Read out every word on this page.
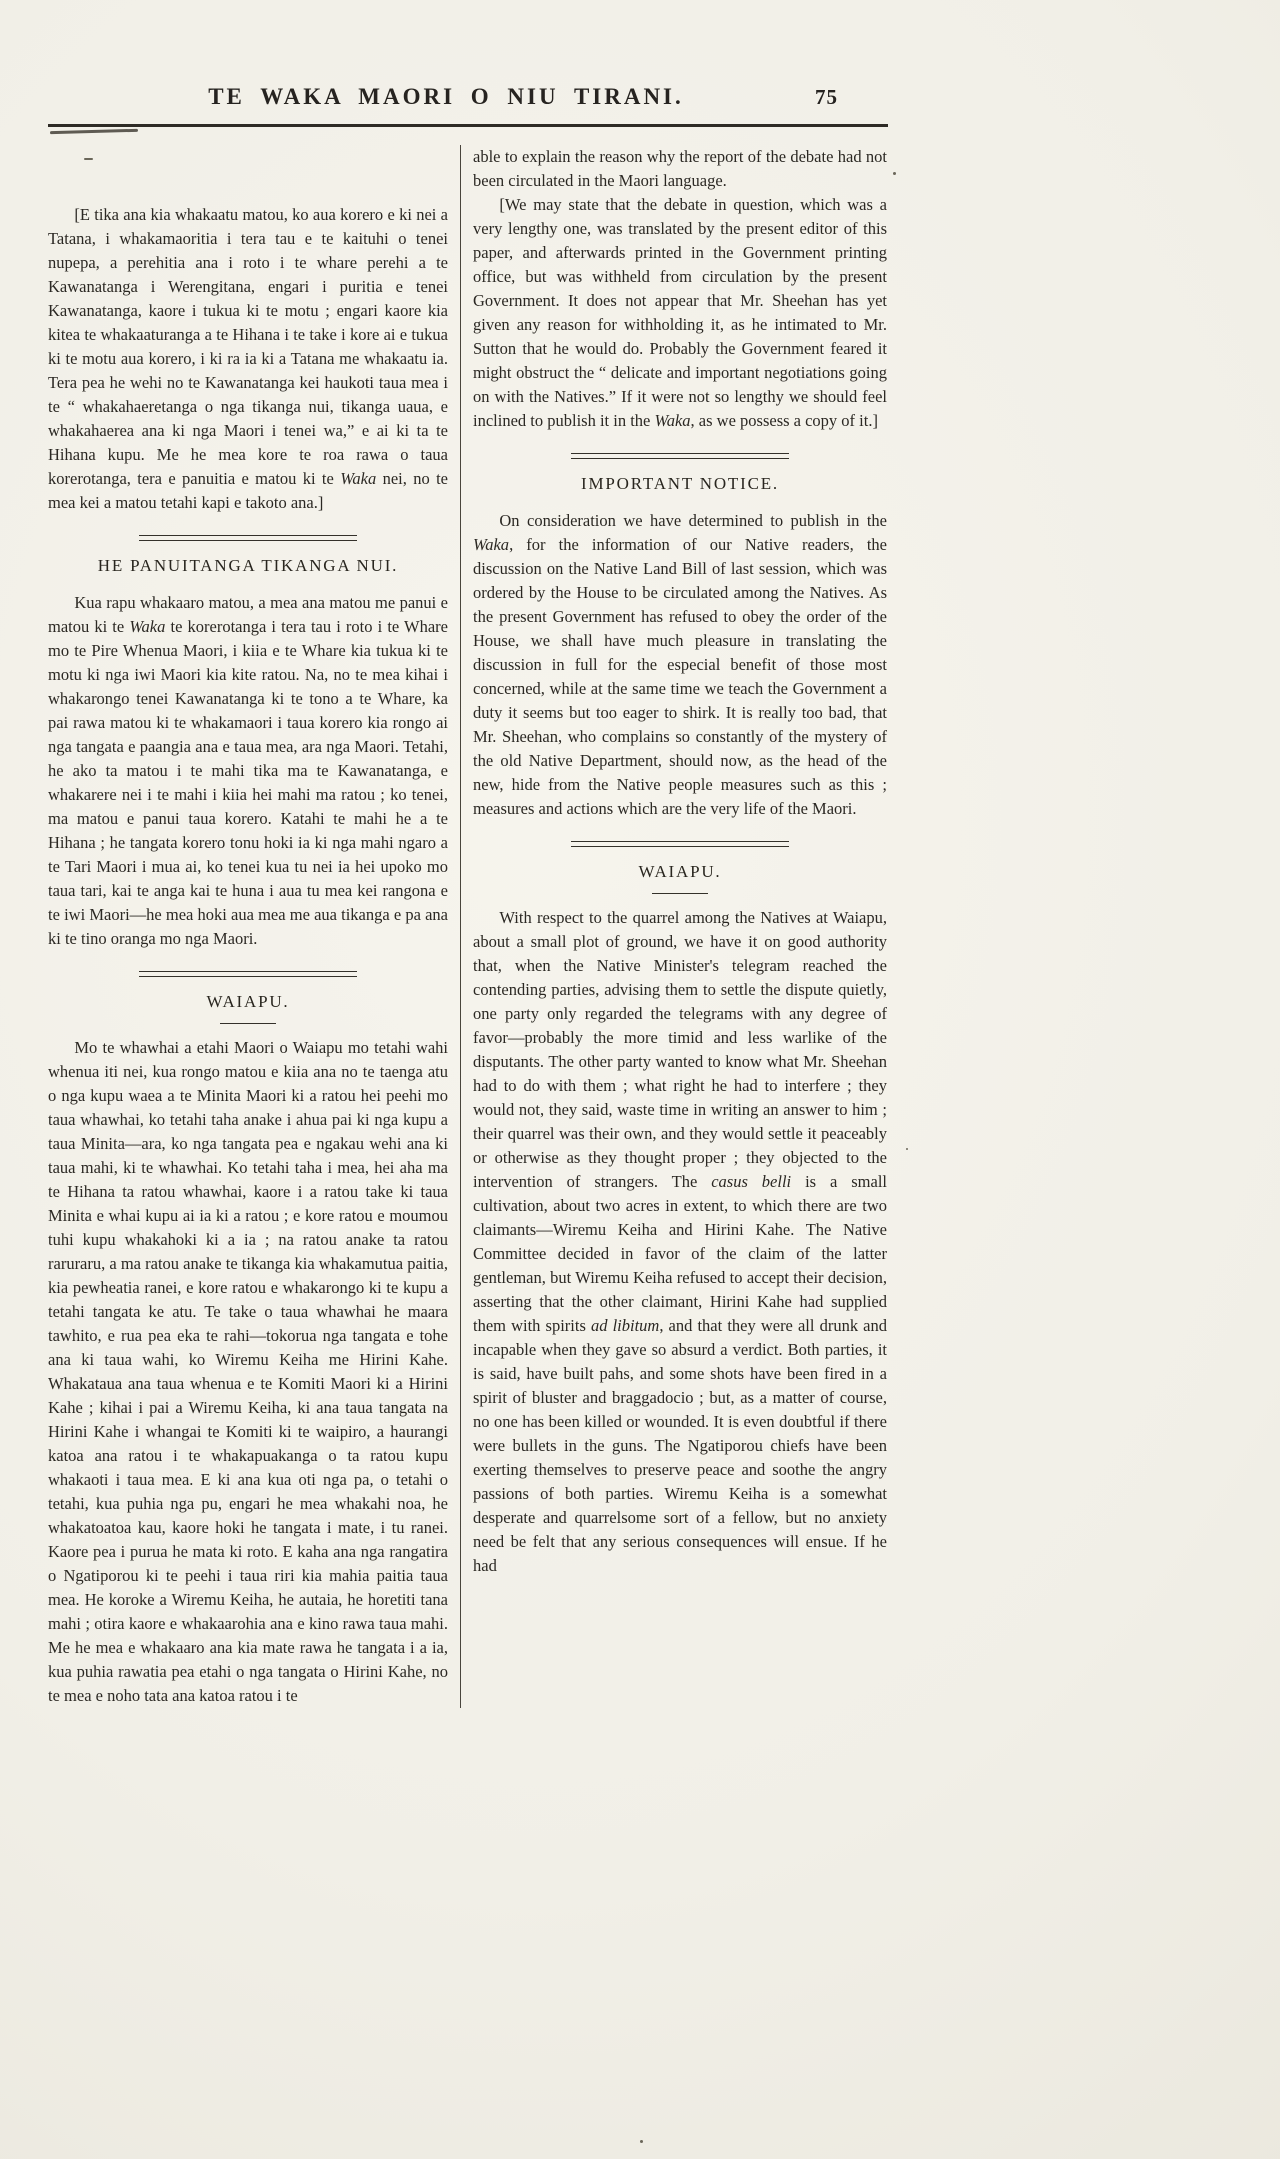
TE WAKA MAORI O NIU TIRANI.	75

[E tika ana kia whakaatu matou, ko aua korero e ki nei a Tatana, i whakamaoritia i tera tau e te kaituhi o tenei nupepa, a perehitia ana i roto i te whare perehi a te Kawanatanga i Werengitana, engari i puritia e tenei Kawanatanga, kaore i tukua ki te motu ; engari kaore kia kitea te whakaaturanga a te Hihana i te take i kore ai e tukua ki te motu aua korero, i ki ra ia ki a Tatana me whakaatu ia. Tera pea he wehi no te Kawanatanga kei haukoti taua mea i te “ whakahaeretanga o nga tikanga nui, tikanga uaua, e whakahaerea ana ki nga Maori i tenei wa,” e ai ki ta te Hihana kupu. Me he mea kore te roa rawa o taua korerotanga, tera e panuitia e matou ki te Waka nei, no te mea kei a matou tetahi kapi e takoto ana.]

HE PANUITANGA TIKANGA NUI.

Kua rapu whakaaro matou, a mea ana matou me panui e matou ki te Waka te korerotanga i tera tau i roto i te Whare mo te Pire Whenua Maori, i kiia e te Whare kia tukua ki te motu ki nga iwi Maori kia kite ratou. Na, no te mea kihai i whakarongo tenei Kawanatanga ki te tono a te Whare, ka pai rawa matou ki te whakamaori i taua korero kia rongo ai nga tangata e paangia ana e taua mea, ara nga Maori. Tetahi, he ako ta matou i te mahi tika ma te Kawanatanga, e whakarere nei i te mahi i kiia hei mahi ma ratou ; ko tenei, ma matou e panui taua korero. Katahi te mahi he a te Hihana ; he tangata korero tonu hoki ia ki nga mahi ngaro a te Tari Maori i mua ai, ko tenei kua tu nei ia hei upoko mo taua tari, kai te anga kai te huna i aua tu mea kei rangona e te iwi Maori—he mea hoki aua mea me aua tikanga e pa ana ki te tino oranga mo nga Maori.

WAIAPU.

Mo te whawhai a etahi Maori o Waiapu mo tetahi wahi whenua iti nei, kua rongo matou e kiia ana no te taenga atu o nga kupu waea a te Minita Maori ki a ratou hei peehi mo taua whawhai, ko tetahi taha anake i ahua pai ki nga kupu a taua Minita—ara, ko nga tangata pea e ngakau wehi ana ki taua mahi, ki te whawhai. Ko tetahi taha i mea, hei aha ma te Hihana ta ratou whawhai, kaore i a ratou take ki taua Minita e whai kupu ai ia ki a ratou ; e kore ratou e moumou tuhi kupu whakahoki ki a ia ; na ratou anake ta ratou raruraru, a ma ratou anake te tikanga kia whakamutua paitia, kia pewheatia ranei, e kore ratou e whakarongo ki te kupu a tetahi tangata ke atu. Te take o taua whawhai he maara tawhito, e rua pea eka te rahi—tokorua nga tangata e tohe ana ki taua wahi, ko Wiremu Keiha me Hirini Kahe. Whakataua ana taua whenua e te Komiti Maori ki a Hirini Kahe ; kihai i pai a Wiremu Keiha, ki ana taua tangata na Hirini Kahe i whangai te Komiti ki te waipiro, a haurangi katoa ana ratou i te whakapuakanga o ta ratou kupu whakaoti i taua mea. E ki ana kua oti nga pa, o tetahi o tetahi, kua puhia nga pu, engari he mea whakahi noa, he whakatoatoa kau, kaore hoki he tangata i mate, i tu ranei. Kaore pea i purua he mata ki roto. E kaha ana nga rangatira o Ngatiporou ki te peehi i taua riri kia mahia paitia taua mea. He koroke a Wiremu Keiha, he autaia, he horetiti tana mahi ; otira kaore e whakaarohia ana e kino rawa taua mahi. Me he mea e whakaaro ana kia mate rawa he tangata i a ia, kua puhia rawatia pea etahi o nga tangata o Hirini Kahe, no te mea e noho tata ana katoa ratou i te

able to explain the reason why the report of the debate had not been circulated in the Maori language.

[We may state that the debate in question, which was a very lengthy one, was translated by the present editor of this paper, and afterwards printed in the Government printing office, but was withheld from circulation by the present Government. It does not appear that Mr. Sheehan has yet given any reason for withholding it, as he intimated to Mr. Sutton that he would do. Probably the Government feared it might obstruct the “ delicate and important negotiations going on with the Natives.” If it were not so lengthy we should feel inclined to publish it in the Waka, as we possess a copy of it.]

IMPORTANT NOTICE.

On consideration we have determined to publish in the Waka, for the information of our Native readers, the discussion on the Native Land Bill of last session, which was ordered by the House to be circulated among the Natives. As the present Government has refused to obey the order of the House, we shall have much pleasure in translating the discussion in full for the especial benefit of those most concerned, while at the same time we teach the Government a duty it seems but too eager to shirk. It is really too bad, that Mr. Sheehan, who complains so constantly of the mystery of the old Native Department, should now, as the head of the new, hide from the Native people measures such as this ; measures and actions which are the very life of the Maori.

WAIAPU.

With respect to the quarrel among the Natives at Waiapu, about a small plot of ground, we have it on good authority that, when the Native Minister's telegram reached the contending parties, advising them to settle the dispute quietly, one party only regarded the telegrams with any degree of favor—probably the more timid and less warlike of the disputants. The other party wanted to know what Mr. Sheehan had to do with them ; what right he had to interfere ; they would not, they said, waste time in writing an answer to him ; their quarrel was their own, and they would settle it peaceably or otherwise as they thought proper ; they objected to the intervention of strangers. The casus belli is a small cultivation, about two acres in extent, to which there are two claimants—Wiremu Keiha and Hirini Kahe. The Native Committee decided in favor of the claim of the latter gentleman, but Wiremu Keiha refused to accept their decision, asserting that the other claimant, Hirini Kahe had supplied them with spirits ad libitum, and that they were all drunk and incapable when they gave so absurd a verdict. Both parties, it is said, have built pahs, and some shots have been fired in a spirit of bluster and braggadocio ; but, as a matter of course, no one has been killed or wounded. It is even doubtful if there were bullets in the guns. The Ngatiporou chiefs have been exerting themselves to preserve peace and soothe the angry passions of both parties. Wiremu Keiha is a somewhat desperate and quarrelsome sort of a fellow, but no anxiety need be felt that any serious consequences will ensue. If he had
